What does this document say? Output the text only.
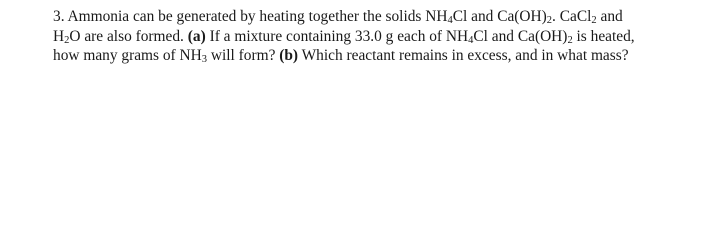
3. Ammonia can be generated by heating together the solids $NH_4Cl$ and $Ca(OH)_2$. CaCl$_2$ and
$H_2O$ are also formed. (a) If a mixture containing 33.0 g each of $NH_4Cl$ and $Ca(OH)_2$ is heated,
how many grams of $NH_3$ will form? (b) Which reactant remains in excess, and in what mass?
